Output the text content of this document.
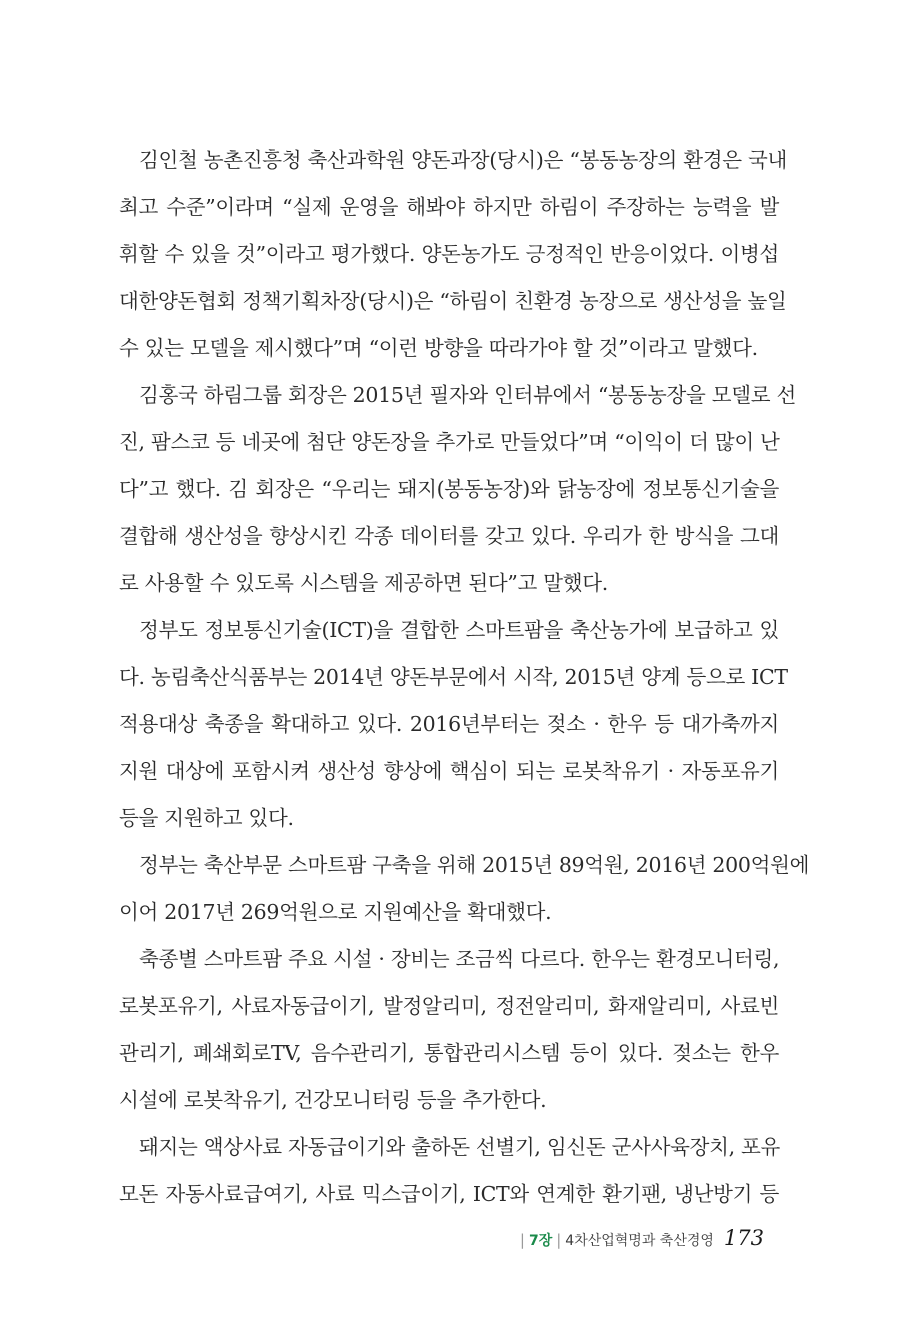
김인철 농촌진흥청 축산과학원 양돈과장(당시)은 “봉동농장의 환경은 국내
최고 수준”이라며 “실제 운영을 해봐야 하지만 하림이 주장하는 능력을 발
휘할 수 있을 것”이라고 평가했다. 양돈농가도 긍정적인 반응이었다. 이병섭
대한양돈협회 정책기획차장(당시)은 “하림이 친환경 농장으로 생산성을 높일
수 있는 모델을 제시했다”며 “이런 방향을 따라가야 할 것”이라고 말했다.
김홍국 하림그룹 회장은 2015년 필자와 인터뷰에서 “봉동농장을 모델로 선
진, 팜스코 등 네곳에 첨단 양돈장을 추가로 만들었다”며 “이익이 더 많이 난
다”고 했다. 김 회장은 “우리는 돼지(봉동농장)와 닭농장에 정보통신기술을
결합해 생산성을 향상시킨 각종 데이터를 갖고 있다. 우리가 한 방식을 그대
로 사용할 수 있도록 시스템을 제공하면 된다”고 말했다.
정부도 정보통신기술(ICT)을 결합한 스마트팜을 축산농가에 보급하고 있
다. 농림축산식품부는 2014년 양돈부문에서 시작, 2015년 양계 등으로 ICT
적용대상 축종을 확대하고 있다. 2016년부터는 젖소 · 한우 등 대가축까지
지원 대상에 포함시켜 생산성 향상에 핵심이 되는 로봇착유기 · 자동포유기
등을 지원하고 있다.
정부는 축산부문 스마트팜 구축을 위해 2015년 89억원, 2016년 200억원에
이어 2017년 269억원으로 지원예산을 확대했다.
축종별 스마트팜 주요 시설 · 장비는 조금씩 다르다. 한우는 환경모니터링,
로봇포유기, 사료자동급이기, 발정알리미, 정전알리미, 화재알리미, 사료빈
관리기, 폐쇄회로TV, 음수관리기, 통합관리시스템 등이 있다. 젖소는 한우
시설에 로봇착유기, 건강모니터링 등을 추가한다.
돼지는 액상사료 자동급이기와 출하돈 선별기, 임신돈 군사사육장치, 포유
모돈 자동사료급여기, 사료 믹스급이기, ICT와 연계한 환기팬, 냉난방기 등
| 7장 | 4차산업혁명과 축산경영 173
